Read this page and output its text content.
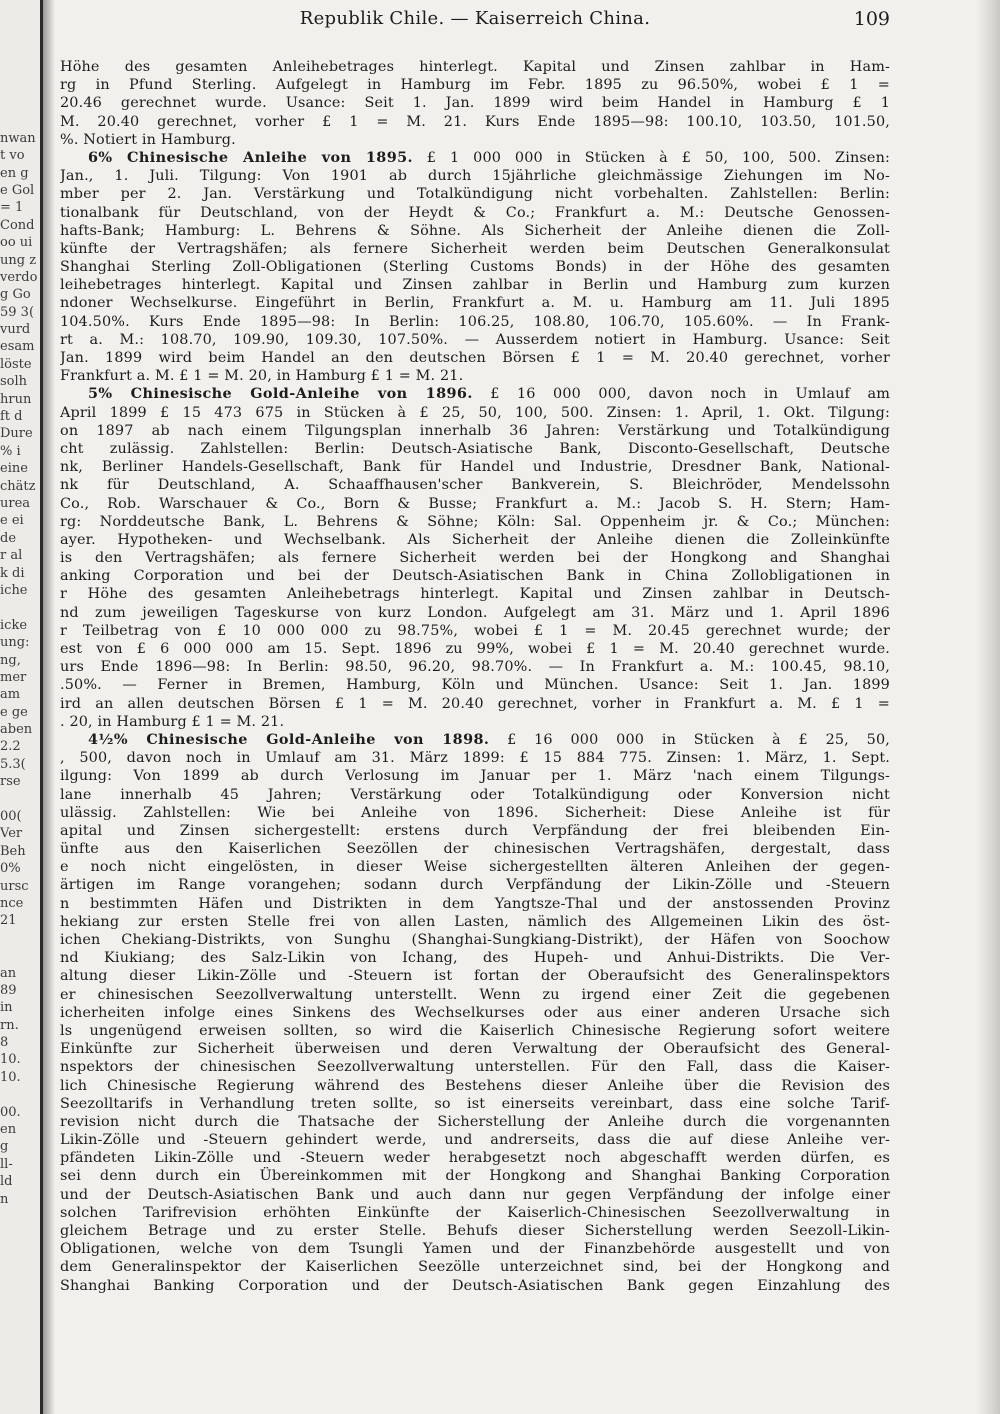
nwan
t vo
en g
e Gol
= 1
Cond
oo ui
ung z
verdo
g Go
59 3(
vurd
esam
löste
solh
hrun
ft d
Dure
% i
eine
chätz
urea
e ei
de
r al
k di
iche
icke
ung:
ng,
mer
am
e ge
aben
2.2
5.3(
rse
00(
Ver
Beh
0%
ursc
nce
21
an
89
in
rn.
8
10.
10.
00.
en
g
ll-
ld
n
Republik Chile. — Kaiserreich China.	109
Höhe des gesamten Anleihebetrages hinterlegt. Kapital und Zinsen zahlbar in Ham-
rg in Pfund Sterling. Aufgelegt in Hamburg im Febr. 1895 zu 96.50%, wobei £ 1 =
20.46 gerechnet wurde. Usance: Seit 1. Jan. 1899 wird beim Handel in Hamburg £ 1
M. 20.40 gerechnet, vorher £ 1 = M. 21. Kurs Ende 1895—98: 100.10, 103.50, 101.50,
%. Notiert in Hamburg.
6% Chinesische Anleihe von 1895. £ 1 000 000 in Stücken à £ 50, 100, 500. Zinsen:
Jan., 1. Juli. Tilgung: Von 1901 ab durch 15jährliche gleichmässige Ziehungen im No-
mber per 2. Jan. Verstärkung und Totalkündigung nicht vorbehalten. Zahlstellen: Berlin:
tionalbank für Deutschland, von der Heydt & Co.; Frankfurt a. M.: Deutsche Genossen-
hafts-Bank; Hamburg: L. Behrens & Söhne. Als Sicherheit der Anleihe dienen die Zoll-
künfte der Vertragshäfen; als fernere Sicherheit werden beim Deutschen Generalkonsulat
Shanghai Sterling Zoll-Obligationen (Sterling Customs Bonds) in der Höhe des gesamten
leihebetrages hinterlegt. Kapital und Zinsen zahlbar in Berlin und Hamburg zum kurzen
ndoner Wechselkurse. Eingeführt in Berlin, Frankfurt a. M. u. Hamburg am 11. Juli 1895
104.50%. Kurs Ende 1895—98: In Berlin: 106.25, 108.80, 106.70, 105.60%. — In Frank-
rt a. M.: 108.70, 109.90, 109.30, 107.50%. — Ausserdem notiert in Hamburg. Usance: Seit
Jan. 1899 wird beim Handel an den deutschen Börsen £ 1 = M. 20.40 gerechnet, vorher
Frankfurt a. M. £ 1 = M. 20, in Hamburg £ 1 = M. 21.
5% Chinesische Gold-Anleihe von 1896. £ 16 000 000, davon noch in Umlauf am
April 1899 £ 15 473 675 in Stücken à £ 25, 50, 100, 500. Zinsen: 1. April, 1. Okt. Tilgung:
on 1897 ab nach einem Tilgungsplan innerhalb 36 Jahren: Verstärkung und Totalkündigung
cht zulässig. Zahlstellen: Berlin: Deutsch-Asiatische Bank, Disconto-Gesellschaft, Deutsche
nk, Berliner Handels-Gesellschaft, Bank für Handel und Industrie, Dresdner Bank, National-
nk für Deutschland, A. Schaaffhausen'scher Bankverein, S. Bleichröder, Mendelssohn
Co., Rob. Warschauer & Co., Born & Busse; Frankfurt a. M.: Jacob S. H. Stern; Ham-
rg: Norddeutsche Bank, L. Behrens & Söhne; Köln: Sal. Oppenheim jr. & Co.; München:
ayer. Hypotheken- und Wechselbank. Als Sicherheit der Anleihe dienen die Zolleinkünfte
is den Vertragshäfen; als fernere Sicherheit werden bei der Hongkong and Shanghai
anking Corporation und bei der Deutsch-Asiatischen Bank in China Zollobligationen in
r Höhe des gesamten Anleihebetrags hinterlegt. Kapital und Zinsen zahlbar in Deutsch-
nd zum jeweiligen Tageskurse von kurz London. Aufgelegt am 31. März und 1. April 1896
r Teilbetrag von £ 10 000 000 zu 98.75%, wobei £ 1 = M. 20.45 gerechnet wurde; der
est von £ 6 000 000 am 15. Sept. 1896 zu 99%, wobei £ 1 = M. 20.40 gerechnet wurde.
urs Ende 1896—98: In Berlin: 98.50, 96.20, 98.70%. — In Frankfurt a. M.: 100.45, 98.10,
.50%. — Ferner in Bremen, Hamburg, Köln und München. Usance: Seit 1. Jan. 1899
ird an allen deutschen Börsen £ 1 = M. 20.40 gerechnet, vorher in Frankfurt a. M. £ 1 =
. 20, in Hamburg £ 1 = M. 21.
4½% Chinesische Gold-Anleihe von 1898. £ 16 000 000 in Stücken à £ 25, 50,
, 500, davon noch in Umlauf am 31. März 1899: £ 15 884 775. Zinsen: 1. März, 1. Sept.
ilgung: Von 1899 ab durch Verlosung im Januar per 1. März 'nach einem Tilgungs-
lane innerhalb 45 Jahren; Verstärkung oder Totalkündigung oder Konversion nicht
ulässig. Zahlstellen: Wie bei Anleihe von 1896. Sicherheit: Diese Anleihe ist für
apital und Zinsen sichergestellt: erstens durch Verpfändung der frei bleibenden Ein-
ünfte aus den Kaiserlichen Seezöllen der chinesischen Vertragshäfen, dergestalt, dass
e noch nicht eingelösten, in dieser Weise sichergestellten älteren Anleihen der gegen-
ärtigen im Range vorangehen; sodann durch Verpfändung der Likin-Zölle und -Steuern
n bestimmten Häfen und Distrikten in dem Yangtsze-Thal und der anstossenden Provinz
hekiang zur ersten Stelle frei von allen Lasten, nämlich des Allgemeinen Likin des öst-
ichen Chekiang-Distrikts, von Sunghu (Shanghai-Sungkiang-Distrikt), der Häfen von Soochow
nd Kiukiang; des Salz-Likin von Ichang, des Hupeh- und Anhui-Distrikts. Die Ver-
altung dieser Likin-Zölle und -Steuern ist fortan der Oberaufsicht des Generalinspektors
er chinesischen Seezollverwaltung unterstellt. Wenn zu irgend einer Zeit die gegebenen
icherheiten infolge eines Sinkens des Wechselkurses oder aus einer anderen Ursache sich
ls ungenügend erweisen sollten, so wird die Kaiserlich Chinesische Regierung sofort weitere
Einkünfte zur Sicherheit überweisen und deren Verwaltung der Oberaufsicht des General-
nspektors der chinesischen Seezollverwaltung unterstellen. Für den Fall, dass die Kaiser-
lich Chinesische Regierung während des Bestehens dieser Anleihe über die Revision des
Seezolltarifs in Verhandlung treten sollte, so ist einerseits vereinbart, dass eine solche Tarif-
revision nicht durch die Thatsache der Sicherstellung der Anleihe durch die vorgenannten
Likin-Zölle und -Steuern gehindert werde, und andrerseits, dass die auf diese Anleihe ver-
pfändeten Likin-Zölle und -Steuern weder herabgesetzt noch abgeschafft werden dürfen, es
sei denn durch ein Übereinkommen mit der Hongkong and Shanghai Banking Corporation
und der Deutsch-Asiatischen Bank und auch dann nur gegen Verpfändung der infolge einer
solchen Tarifrevision erhöhten Einkünfte der Kaiserlich-Chinesischen Seezollverwaltung in
gleichem Betrage und zu erster Stelle. Behufs dieser Sicherstellung werden Seezoll-Likin-
Obligationen, welche von dem Tsungli Yamen und der Finanzbehörde ausgestellt und von
dem Generalinspektor der Kaiserlichen Seezölle unterzeichnet sind, bei der Hongkong and
Shanghai Banking Corporation und der Deutsch-Asiatischen Bank gegen Einzahlung des
